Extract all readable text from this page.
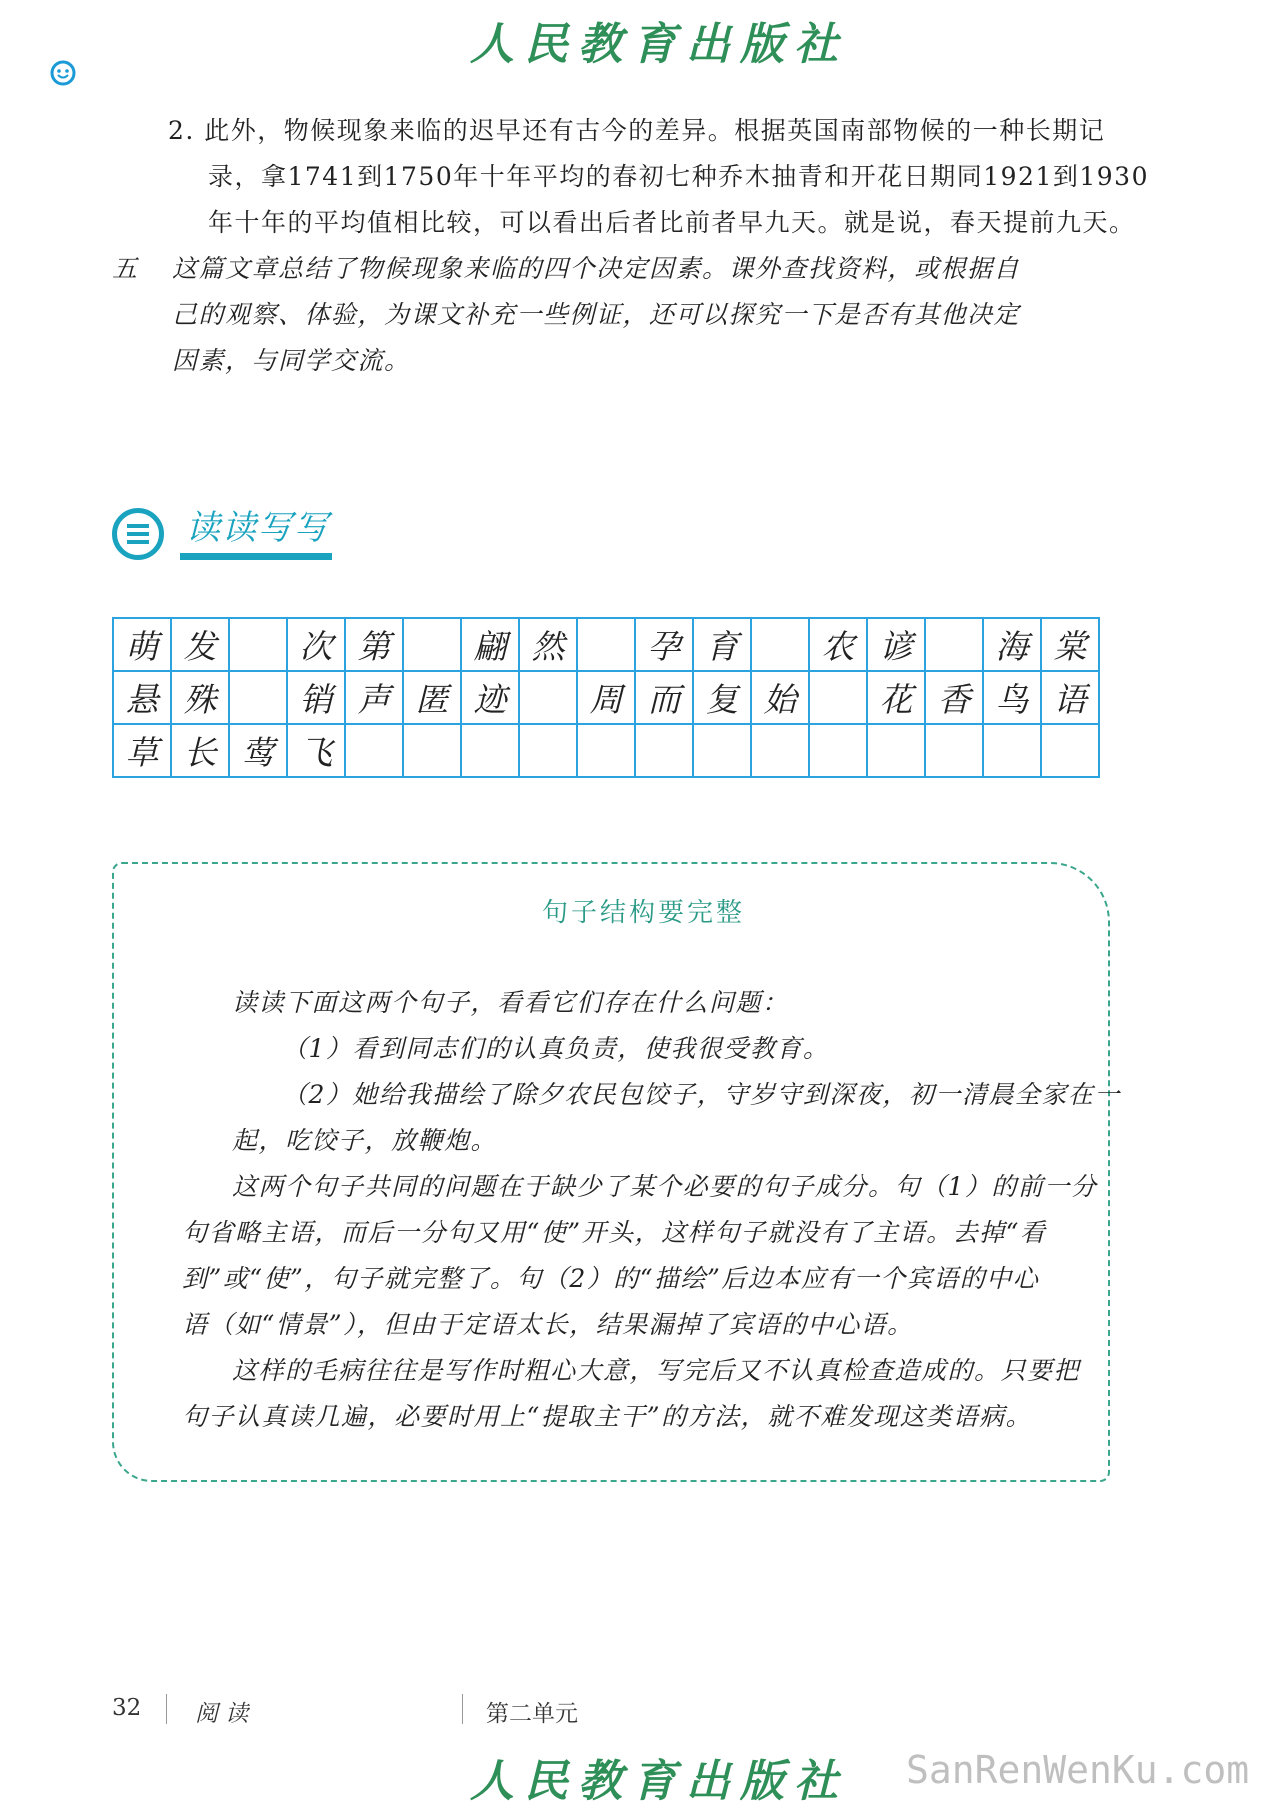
人民教育出版社
2. 此外，物候现象来临的迟早还有古今的差异。根据英国南部物候的一种长期记
录，拿1741到1750年十年平均的春初七种乔木抽青和开花日期同1921到1930
年十年的平均值相比较，可以看出后者比前者早九天。就是说，春天提前九天。
五 这篇文章总结了物候现象来临的四个决定因素。课外查找资料，或根据自
己的观察、体验，为课文补充一些例证，还可以探究一下是否有其他决定
因素，与同学交流。
读读写写
萌	发		次	第		翩	然		孕	育		农	谚		海	棠
悬	殊		销	声	匿	迹		周	而	复	始		花	香	鸟	语
草	长	莺	飞													
句子结构要完整
读读下面这两个句子，看看它们存在什么问题：
（1）看到同志们的认真负责，使我很受教育。
（2）她给我描绘了除夕农民包饺子，守岁守到深夜，初一清晨全家在一
起，吃饺子，放鞭炮。
这两个句子共同的问题在于缺少了某个必要的句子成分。句（1）的前一分
句省略主语，而后一分句又用“使”开头，这样句子就没有了主语。去掉“看
到”或“使”，句子就完整了。句（2）的“描绘”后边本应有一个宾语的中心
语（如“情景”），但由于定语太长，结果漏掉了宾语的中心语。
这样的毛病往往是写作时粗心大意，写完后又不认真检查造成的。只要把
句子认真读几遍，必要时用上“提取主干”的方法，就不难发现这类语病。
32 阅 读	第二单元
人民教育出版社 SanRenWenKu.com
